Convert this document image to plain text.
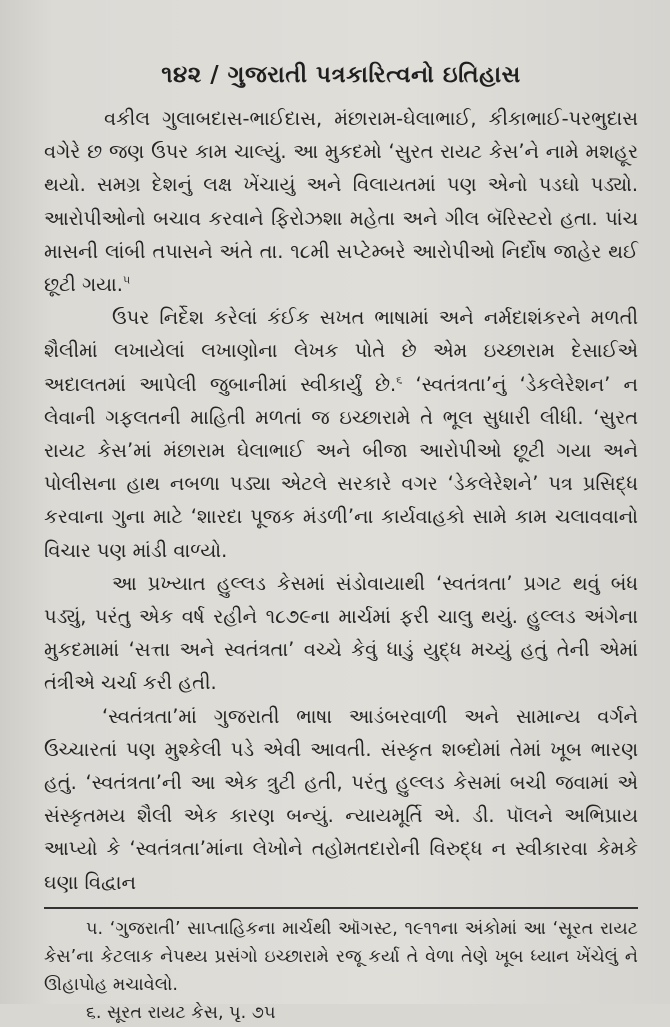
૧૪૨ / ગુજરાતી પત્રકારિત્વનો ઇતિહાસ

વકીલ ગુલાબદાસ-ભાઈદાસ, મંછારામ-ઘેલાભાઈ, કીકાભાઈ-પરભુદાસ વગેરે છ જણ ઉપર કામ ચાલ્યું. આ મુકદમો ‘સુરત રાયટ કેસ’ને નામે મશહૂર થયો. સમગ્ર દેશનું લક્ષ ખેંચાયું અને વિલાયતમાં પણ એનો પડઘો પડ્યો. આરોપીઓનો બચાવ કરવાને ફિરોઝશા મહેતા અને ગીલ બૅરિસ્ટરો હતા. પાંચ માસની લાંબી તપાસને અંતે તા. ૧૮મી સપ્ટેમ્બરે આરોપીઓ નિર્દોષ જાહેર થઈ છૂટી ગયા.$^૫$

ઉપર નિર્દેશ કરેલાં કંઈક સખત ભાષામાં અને નર્મદાશંકરને મળતી શૈલીમાં લખાયેલાં લખાણોના લેખક પોતે છે એમ ઇચ્છારામ દેસાઈએ અદાલતમાં આપેલી જુબાનીમાં સ્વીકાર્યું છે.$^૬$ ‘સ્વતંત્રતા’નું ‘ડેકલેરેશન’ ન લેવાની ગફલતની માહિતી મળતાં જ ઇચ્છારામે તે ભૂલ સુધારી લીધી. ‘સુરત રાયટ કેસ’માં મંછારામ ઘેલાભાઈ અને બીજા આરોપીઓ છૂટી ગયા અને પોલીસના હાથ નબળા પડ્યા એટલે સરકારે વગર ‘ડેકલેરેશને’ પત્ર પ્રસિદ્ધ કરવાના ગુના માટે ‘શારદા પૂજક મંડળી’ના કાર્યવાહકો સામે કામ ચલાવવાનો વિચાર પણ માંડી વાળ્યો.

આ પ્રખ્યાત હુલ્લડ કેસમાં સંડોવાયાથી ‘સ્વતંત્રતા’ પ્રગટ થવું બંધ પડ્યું, પરંતુ એક વર્ષ રહીને ૧૮૭૯ના માર્ચમાં ફરી ચાલુ થયું. હુલ્લડ અંગેના મુકદમામાં ‘સત્તા અને સ્વતંત્રતા’ વચ્ચે કેવું ધાડું યુદ્ધ મચ્યું હતું તેની એમાં તંત્રીએ ચર્ચા કરી હતી.

‘સ્વતંત્રતા’માં ગુજરાતી ભાષા આડંબરવાળી અને સામાન્ય વર્ગને ઉચ્ચારતાં પણ મુશ્કેલી પડે એવી આવતી. સંસ્કૃત શબ્દોમાં તેમાં ખૂબ ભારણ હતું. ‘સ્વતંત્રતા’ની આ એક ત્રુટી હતી, પરંતુ હુલ્લડ કેસમાં બચી જવામાં એ સંસ્કૃતમય શૈલી એક કારણ બન્યું. ન્યાયમૂર્તિ એ. ડી. પૉલને અભિપ્રાય આપ્યો કે ‘સ્વતંત્રતા’માંના લેખોને તહોમતદારોની વિરુદ્ધ ન સ્વીકારવા કેમકે ઘણા વિદ્વાન

૫. ‘ગુજરાતી’ સાપ્તાહિકના માર્ચથી ઑગસ્ટ, ૧૯૧૧ના અંકોમાં આ ‘સૂરત રાયટ કેસ’ના કેટલાક નેપથ્ય પ્રસંગો ઇચ્છારામે રજૂ કર્યા તે વેળા તેણે ખૂબ ધ્યાન ખેંચેલું ને ઊહાપોહ મચાવેલો.

૬. સૂરત રાયટ કેસ, પૃ. ૭૫
